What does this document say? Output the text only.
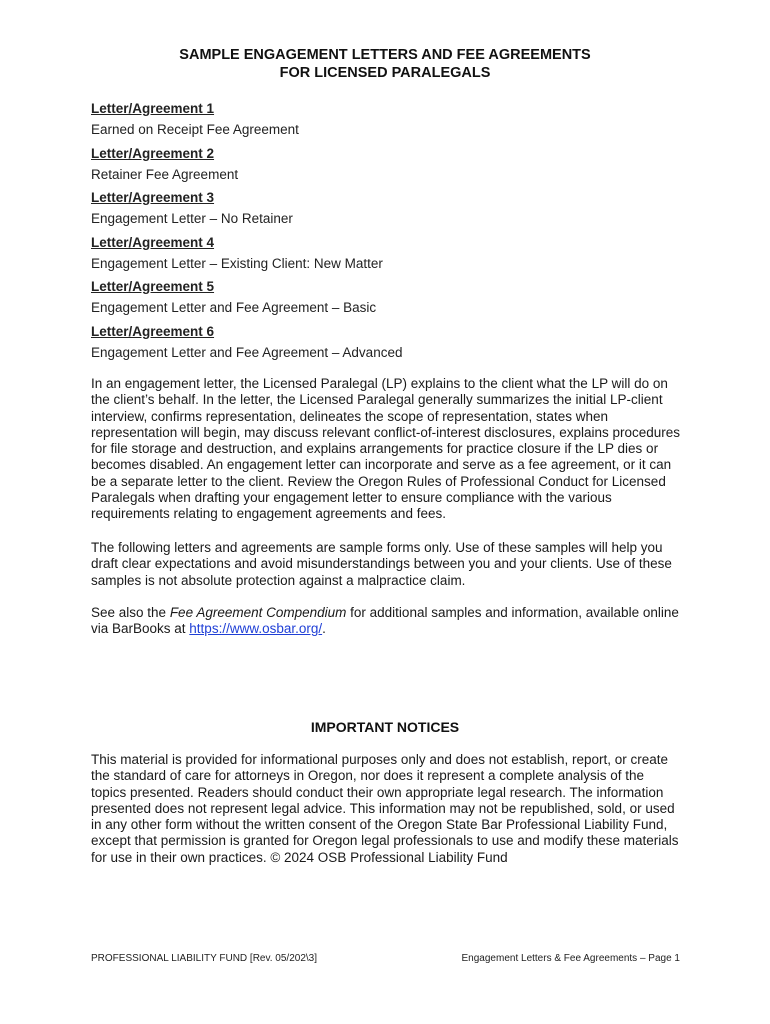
SAMPLE ENGAGEMENT LETTERS AND FEE AGREEMENTS
FOR LICENSED PARALEGALS
Letter/Agreement 1
Earned on Receipt Fee Agreement
Letter/Agreement 2
Retainer Fee Agreement
Letter/Agreement 3
Engagement Letter – No Retainer
Letter/Agreement 4
Engagement Letter – Existing Client: New Matter
Letter/Agreement 5
Engagement Letter and Fee Agreement – Basic
Letter/Agreement 6
Engagement Letter and Fee Agreement – Advanced

In an engagement letter, the Licensed Paralegal (LP) explains to the client what the LP will do on the client’s behalf. In the letter, the Licensed Paralegal generally summarizes the initial LP-client interview, confirms representation, delineates the scope of representation, states when representation will begin, may discuss relevant conflict-of-interest disclosures, explains procedures for file storage and destruction, and explains arrangements for practice closure if the LP dies or becomes disabled. An engagement letter can incorporate and serve as a fee agreement, or it can be a separate letter to the client. Review the Oregon Rules of Professional Conduct for Licensed Paralegals when drafting your engagement letter to ensure compliance with the various requirements relating to engagement agreements and fees.

The following letters and agreements are sample forms only. Use of these samples will help you draft clear expectations and avoid misunderstandings between you and your clients. Use of these samples is not absolute protection against a malpractice claim.

See also the Fee Agreement Compendium for additional samples and information, available online via BarBooks at https://www.osbar.org/.

IMPORTANT NOTICES

This material is provided for informational purposes only and does not establish, report, or create the standard of care for attorneys in Oregon, nor does it represent a complete analysis of the topics presented. Readers should conduct their own appropriate legal research. The information presented does not represent legal advice. This information may not be republished, sold, or used in any other form without the written consent of the Oregon State Bar Professional Liability Fund, except that permission is granted for Oregon legal professionals to use and modify these materials for use in their own practices. © 2024 OSB Professional Liability Fund

PROFESSIONAL LIABILITY FUND [Rev. 05/202\3]	Engagement Letters & Fee Agreements – Page 1
